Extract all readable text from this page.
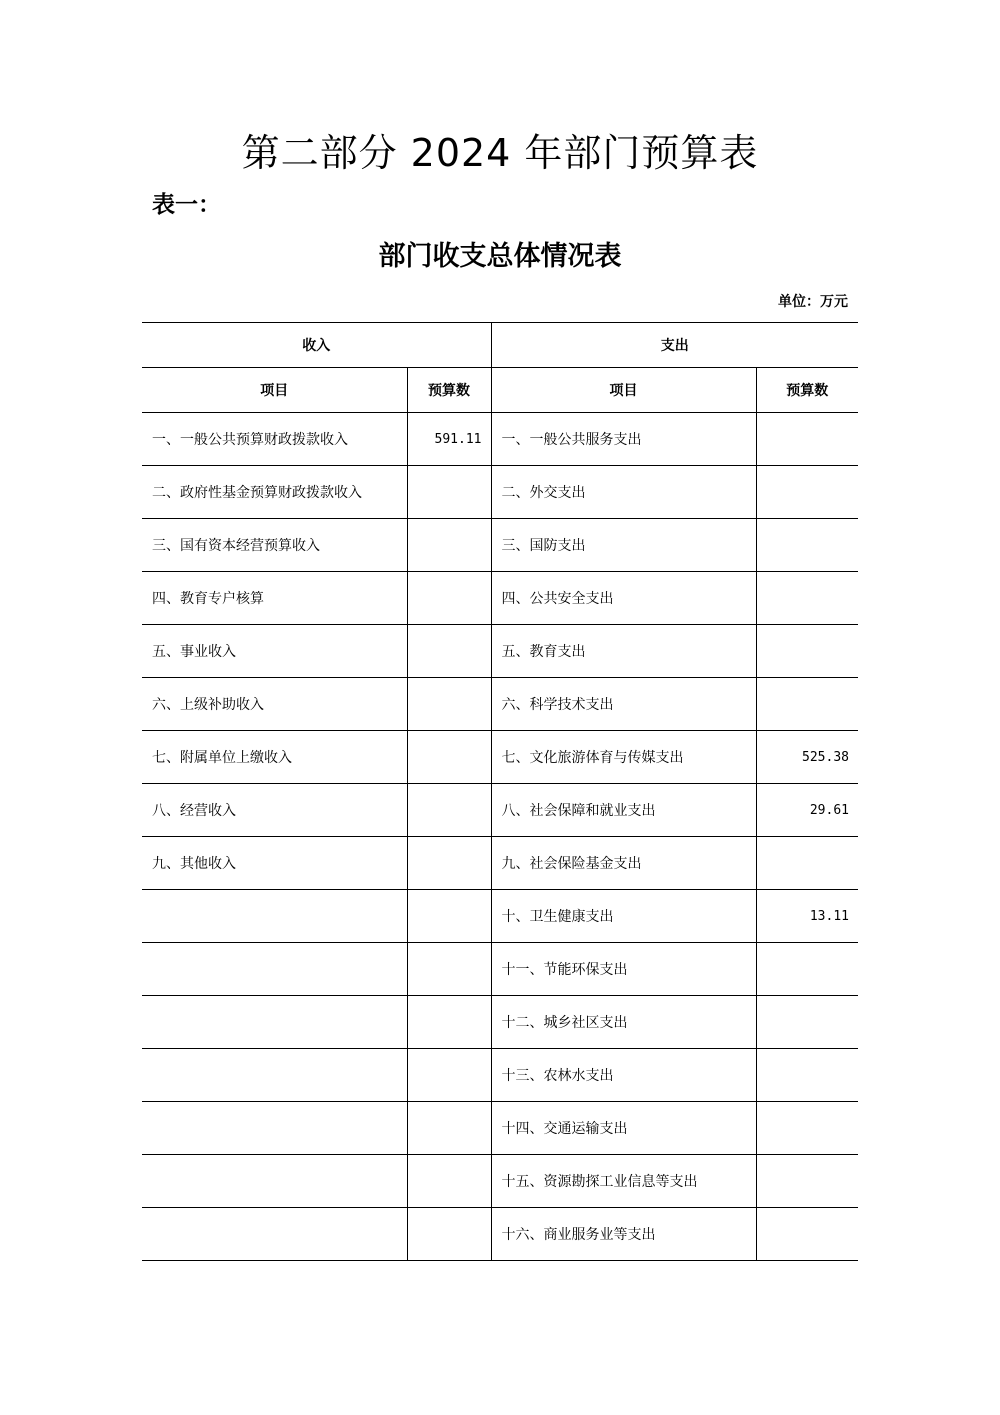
第二部分 2024 年部门预算表
表一：
部门收支总体情况表
单位：万元
收入		支出	
项目	预算数	项目	预算数
一、一般公共预算财政拨款收入	591.11	一、一般公共服务支出	
二、政府性基金预算财政拨款收入		二、外交支出	
三、国有资本经营预算收入		三、国防支出	
四、教育专户核算		四、公共安全支出	
五、事业收入		五、教育支出	
六、上级补助收入		六、科学技术支出	
七、附属单位上缴收入		七、文化旅游体育与传媒支出	525.38
八、经营收入		八、社会保障和就业支出	29.61
九、其他收入		九、社会保险基金支出	
		十、卫生健康支出	13.11
		十一、节能环保支出	
		十二、城乡社区支出	
		十三、农林水支出	
		十四、交通运输支出	
		十五、资源勘探工业信息等支出	
		十六、商业服务业等支出	
